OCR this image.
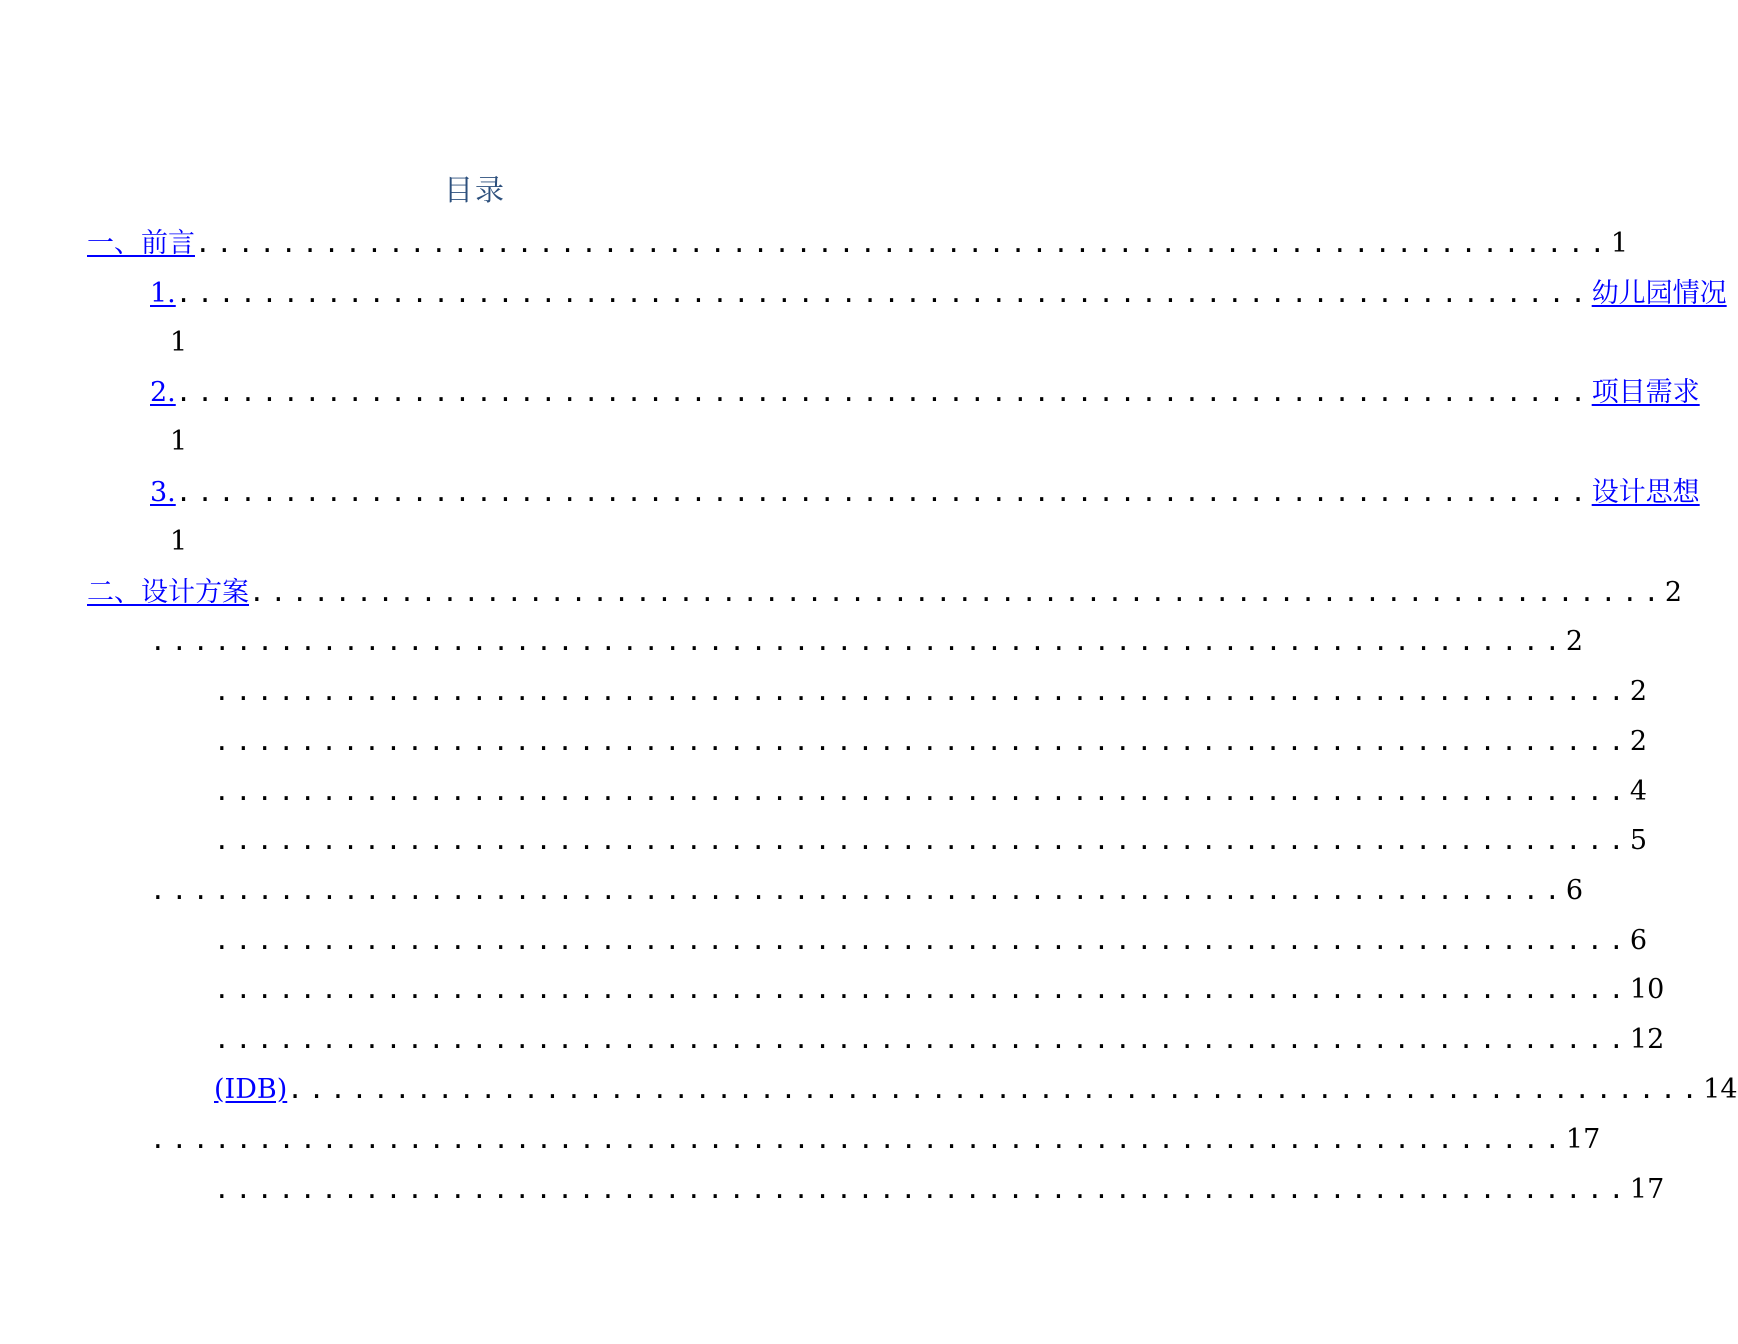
目录
一、前言 .................................................................. 1
1. .................................................................. 幼儿园情况
1
2. .................................................................. 项目需求
1
3. .................................................................. 设计思想
1
二、设计方案 .................................................................. 2
.................................................................. 2
.................................................................. 2
.................................................................. 2
.................................................................. 4
.................................................................. 5
.................................................................. 6
.................................................................. 6
.................................................................. 10
.................................................................. 12
(IDB) .................................................................. 14
.................................................................. 17
.................................................................. 17
